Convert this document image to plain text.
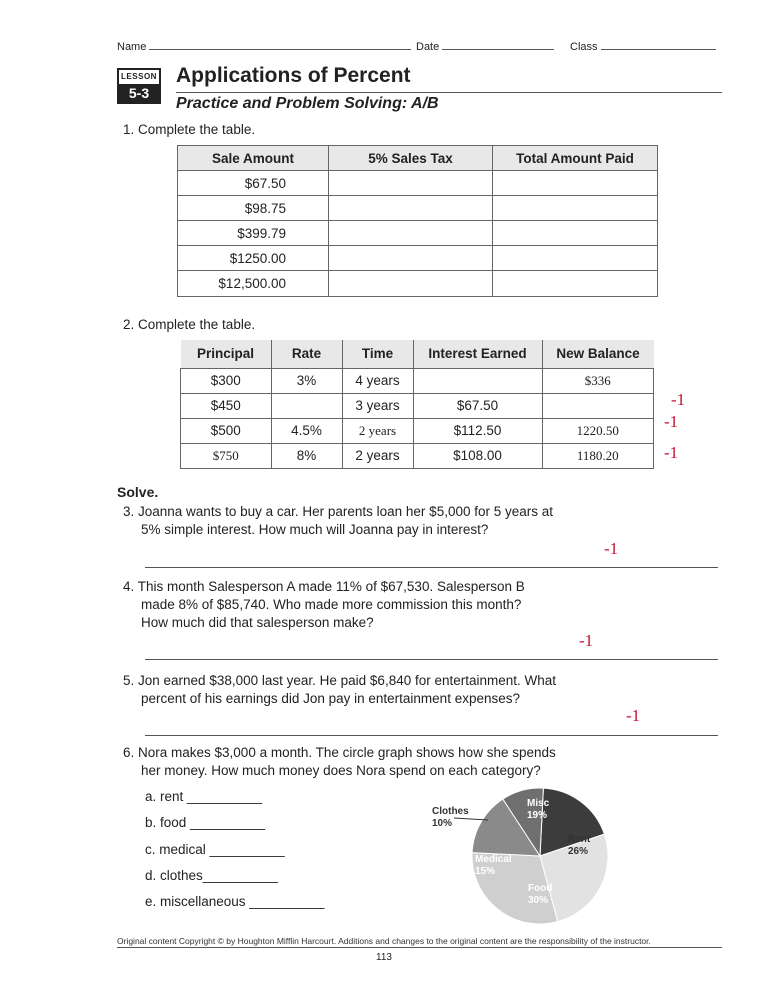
Name	Date	Class
LESSON
5-3
Applications of Percent
Practice and Problem Solving: A/B
1. Complete the table.
Sale Amount	5% Sales Tax	Total Amount Paid
$67.50		
$98.75		
$399.79		
$1250.00		
$12,500.00		
2. Complete the table.
Principal	Rate	Time	Interest Earned	New Balance
$300	3%	4 years		$336
$450		3 years	$67.50	
$500	4.5%	2 years	$112.50	1220.50
$750	8%	2 years	$108.00	1180.20
-1
-1
-1
Solve.
3. Joanna wants to buy a car. Her parents loan her $5,000 for 5 years at
5% simple interest. How much will Joanna pay in interest?
-1
4. This month Salesperson A made 11% of $67,530. Salesperson B
made 8% of $85,740. Who made more commission this month?
How much did that salesperson make?
-1
5. Jon earned $38,000 last year. He paid $6,840 for entertainment. What
percent of his earnings did Jon pay in entertainment expenses?
-1
6. Nora makes $3,000 a month. The circle graph shows how she spends
her money. How much money does Nora spend on each category?
a. rent __________
b. food __________
c. medical __________
d. clothes__________
e. miscellaneous __________
Misc
19%
Rent
26%
Food
30%
Medical
15%
Clothes
10%
Original content Copyright © by Houghton Mifflin Harcourt. Additions and changes to the original content are the responsibility of the instructor.
113
